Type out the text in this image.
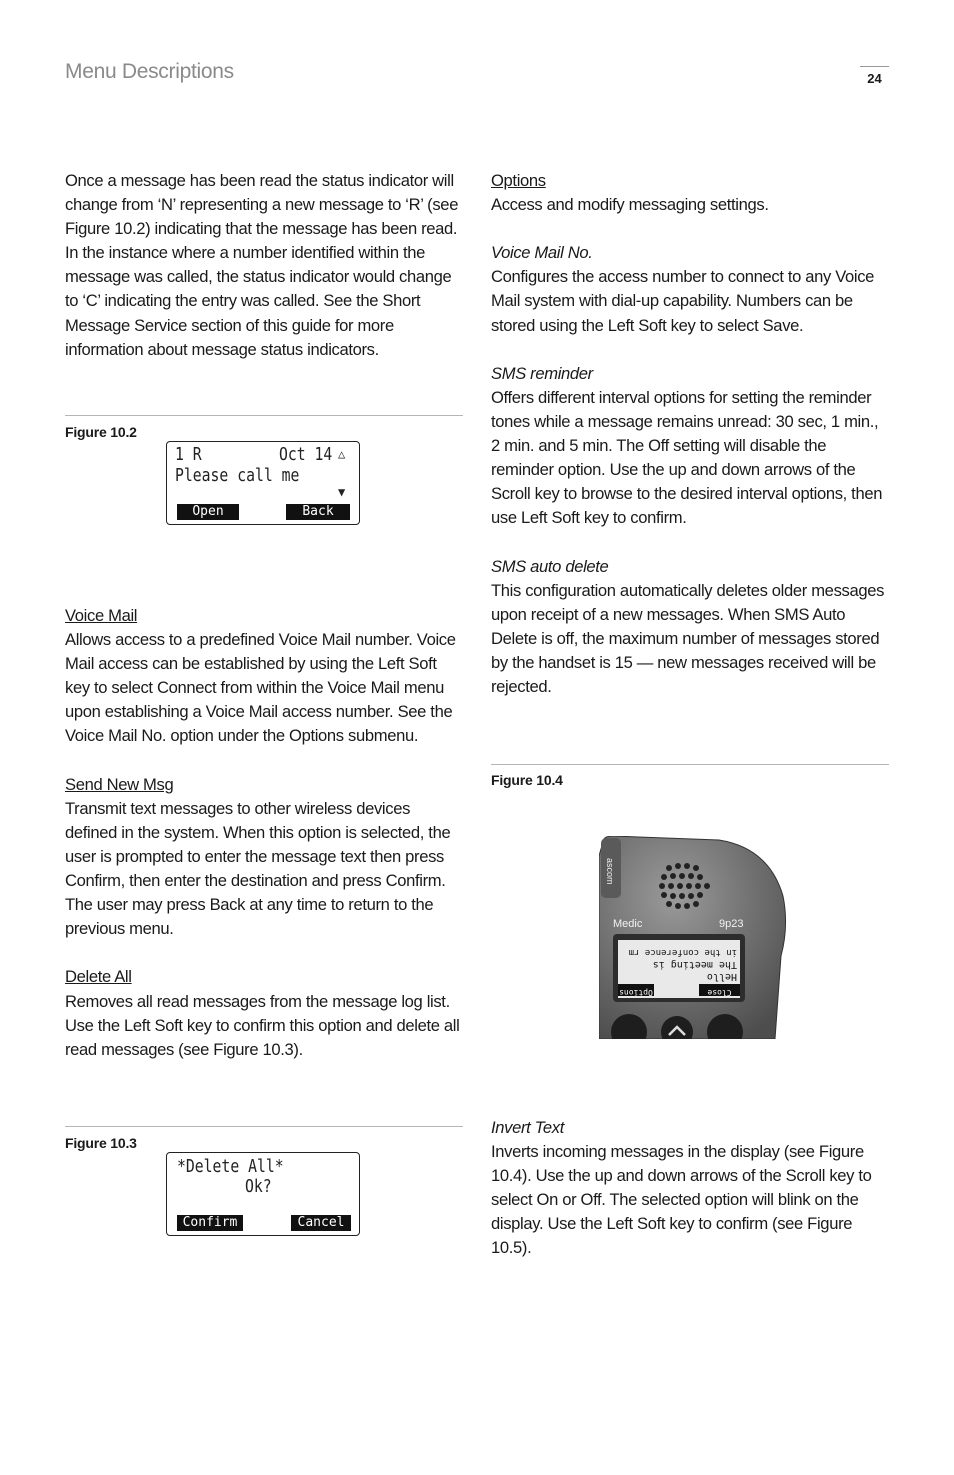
Menu Descriptions	24

Once a message has been read the status indicator will change from ‘N’ representing a new message to ‘R’ (see Figure 10.2) indicating that the message has been read. In the instance where a number identified within the message was called, the status indicator would change to ‘C’ indicating the entry was called. See the Short Message Service section of this guide for more information about message status indicators.

Figure 10.2
1 R	Oct 14 △
Please call me
▼
Open	Back

Voice Mail
Allows access to a predefined Voice Mail number. Voice Mail access can be established by using the Left Soft key to select Connect from within the Voice Mail menu upon establishing a Voice Mail access number. See the Voice Mail No. option under the Options submenu.

Send New Msg
Transmit text messages to other wireless devices defined in the system. When this option is selected, the user is prompted to enter the message text then press Confirm, then enter the destination and press Confirm. The user may press Back at any time to return to the previous menu.

Delete All
Removes all read messages from the message log list. Use the Left Soft key to confirm this option and delete all read messages (see Figure 10.3).

Figure 10.3
*Delete All*
Ok?
Confirm	Cancel

Options
Access and modify messaging settings.

Voice Mail No.
Configures the access number to connect to any Voice Mail system with dial-up capability. Numbers can be stored using the Left Soft key to select Save.

SMS reminder
Offers different interval options for setting the reminder tones while a message remains unread: 30 sec, 1 min., 2 min. and 5 min. The Off setting will disable the reminder option. Use the up and down arrows of the Scroll key to browse to the desired interval options, then use Left Soft key to confirm.

SMS auto delete
This configuration automatically deletes older messages upon receipt of a new messages. When SMS Auto Delete is off, the maximum number of messages stored by the handset is 15 — new messages received will be rejected.

Figure 10.4
ascom
Medic	9p23
Close
Options
Hello
The meeting is
in the conference rm

Invert Text
Inverts incoming messages in the display (see Figure 10.4). Use the up and down arrows of the Scroll key to select On or Off. The selected option will blink on the display. Use the Left Soft key to confirm (see Figure 10.5).
